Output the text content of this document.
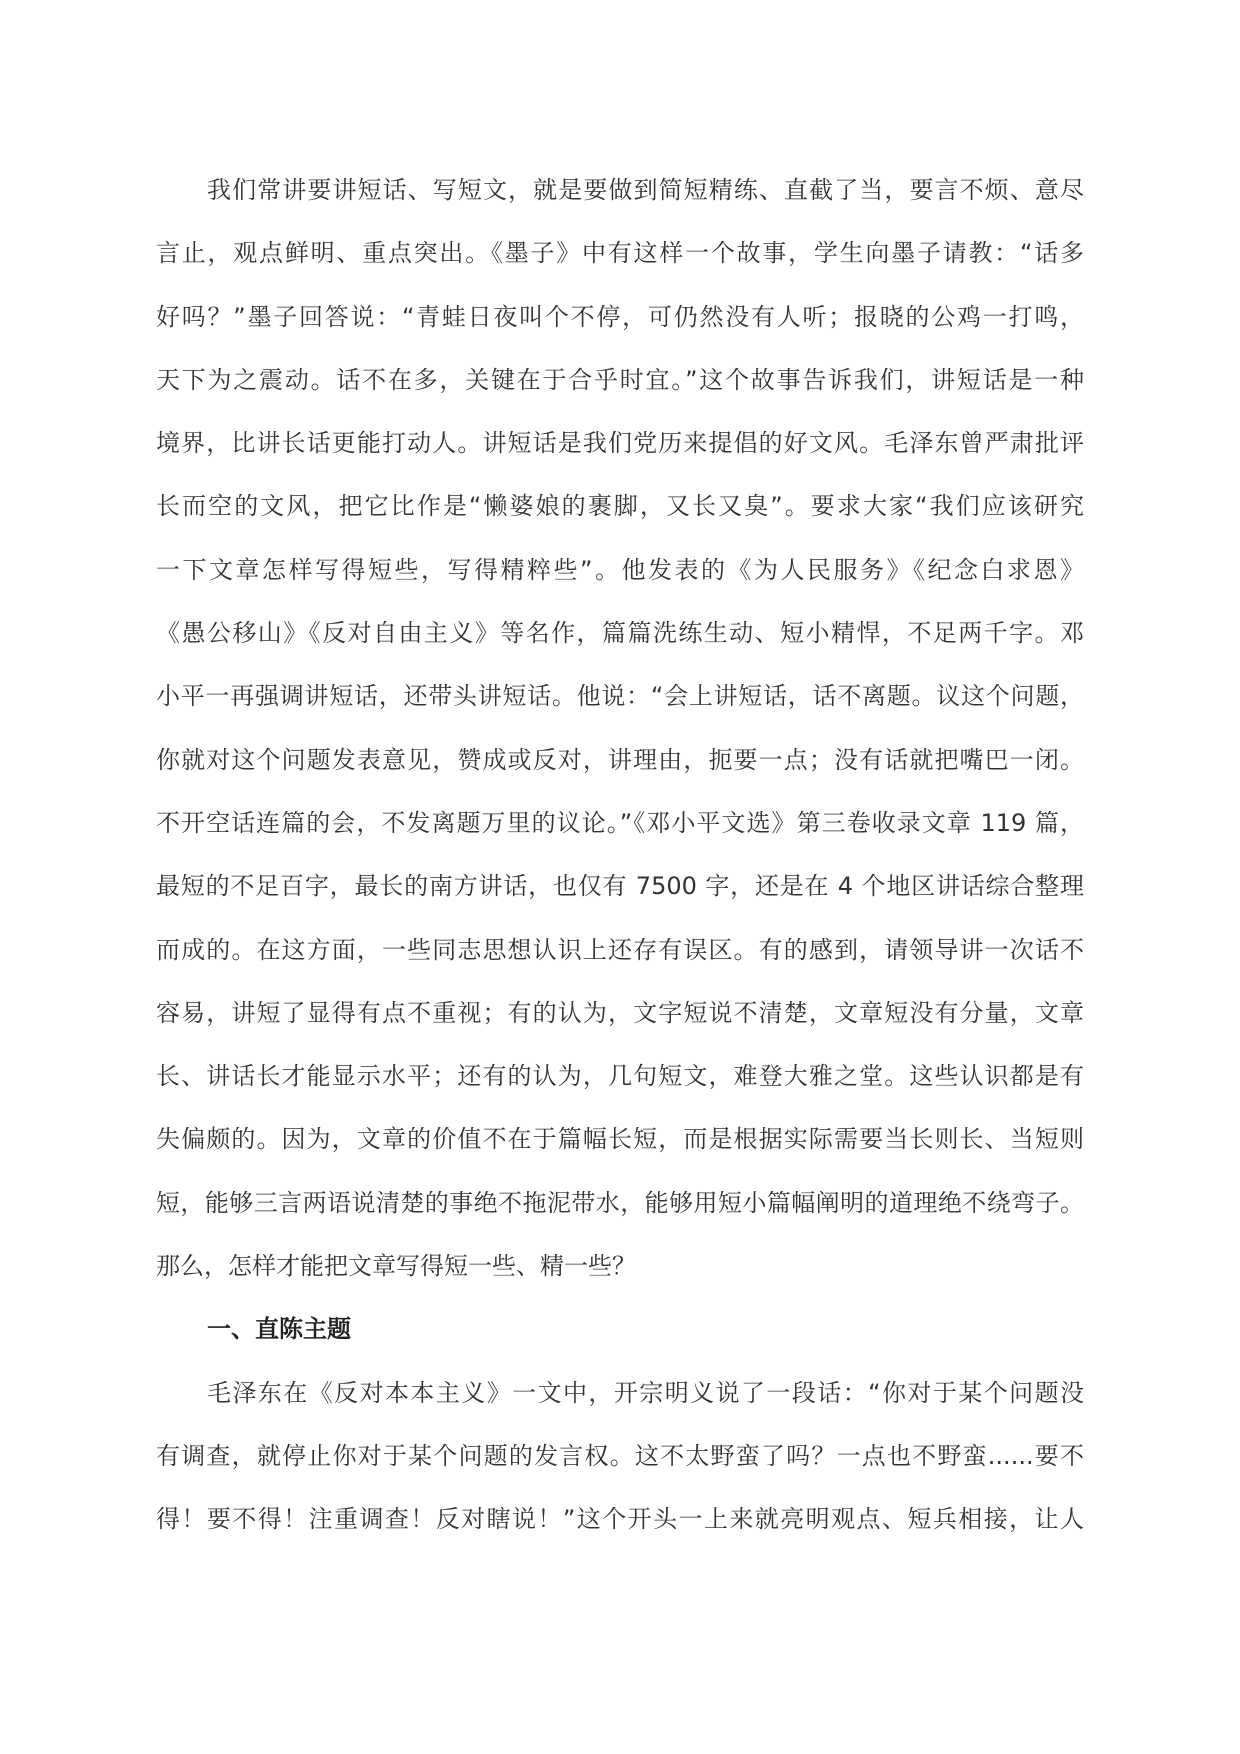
我们常讲要讲短话、写短文，就是要做到简短精练、直截了当，要言不烦、意尽
言止，观点鲜明、重点突出。《墨子》中有这样一个故事，学生向墨子请教：“话多
好吗？”墨子回答说：“青蛙日夜叫个不停，可仍然没有人听；报晓的公鸡一打鸣，
天下为之震动。话不在多，关键在于合乎时宜。”这个故事告诉我们，讲短话是一种
境界，比讲长话更能打动人。讲短话是我们党历来提倡的好文风。毛泽东曾严肃批评
长而空的文风，把它比作是“懒婆娘的裹脚，又长又臭”。要求大家“我们应该研究
一下文章怎样写得短些，写得精粹些”。他发表的《为人民服务》《纪念白求恩》
《愚公移山》《反对自由主义》等名作，篇篇洗练生动、短小精悍，不足两千字。邓
小平一再强调讲短话，还带头讲短话。他说：“会上讲短话，话不离题。议这个问题，
你就对这个问题发表意见，赞成或反对，讲理由，扼要一点；没有话就把嘴巴一闭。
不开空话连篇的会，不发离题万里的议论。”《邓小平文选》第三卷收录文章 119 篇，
最短的不足百字，最长的南方讲话，也仅有 7500 字，还是在 4 个地区讲话综合整理
而成的。在这方面，一些同志思想认识上还存有误区。有的感到，请领导讲一次话不
容易，讲短了显得有点不重视；有的认为，文字短说不清楚，文章短没有分量，文章
长、讲话长才能显示水平；还有的认为，几句短文，难登大雅之堂。这些认识都是有
失偏颇的。因为，文章的价值不在于篇幅长短，而是根据实际需要当长则长、当短则
短，能够三言两语说清楚的事绝不拖泥带水，能够用短小篇幅阐明的道理绝不绕弯子。
那么，怎样才能把文章写得短一些、精一些？
一、直陈主题
毛泽东在《反对本本主义》一文中，开宗明义说了一段话：“你对于某个问题没
有调查，就停止你对于某个问题的发言权。这不太野蛮了吗？一点也不野蛮......要不
得！要不得！注重调查！反对瞎说！”这个开头一上来就亮明观点、短兵相接，让人
